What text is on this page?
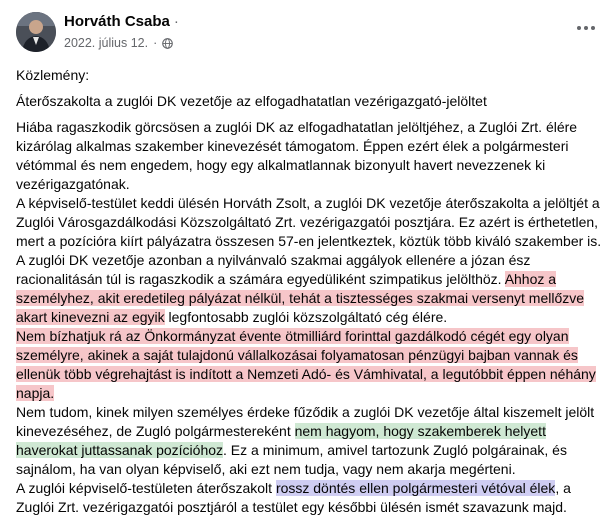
Horváth Csaba ·
2022. július 12. ·

Közlemény:

Áterőszakolta a zuglói DK vezetője az elfogadhatatlan vezérigazgató-jelöltet

Hiába ragaszkodik görcsösen a zuglói DK az elfogadhatatlan jelöltjéhez, a Zuglói Zrt. élére kizárólag alkalmas szakember kinevezését támogatom. Éppen ezért élek a polgármesteri vétómmal és nem engedem, hogy egy alkalmatlannak bizonyult havert nevezzenek ki vezérigazgatónak.

A képviselő-testület keddi ülésén Horváth Zsolt, a zuglói DK vezetője áterőszakolta a jelöltjét a Zuglói Városgazdálkodási Közszolgáltató Zrt. vezérigazgatói posztjára. Ez azért is érthetetlen, mert a pozícióra kiírt pályázatra összesen 57-en jelentkeztek, köztük több kiváló szakember is.

A zuglói DK vezetője azonban a nyilvánvaló szakmai aggályok ellenére a józan ész racionalitásán túl is ragaszkodik a számára egyedüliként szimpatikus jelölthöz. Ahhoz a személyhez, akit eredetileg pályázat nélkül, tehát a tisztességes szakmai versenyt mellőzve akart kinevezni az egyik legfontosabb zuglói közszolgáltató cég élére.

Nem bízhatjuk rá az Önkormányzat évente ötmilliárd forinttal gazdálkodó cégét egy olyan személyre, akinek a saját tulajdonú vállalkozásai folyamatosan pénzügyi bajban vannak és ellenük több végrehajtást is indított a Nemzeti Adó- és Vámhivatal, a legutóbbit éppen néhány napja.

Nem tudom, kinek milyen személyes érdeke fűződik a zuglói DK vezetője által kiszemelt jelölt kinevezéséhez, de Zugló polgármestereként nem hagyom, hogy szakemberek helyett haverokat juttassanak pozícióhoz. Ez a minimum, amivel tartozunk Zugló polgárainak, és sajnálom, ha van olyan képviselő, aki ezt nem tudja, vagy nem akarja megérteni.

A zuglói képviselő-testületen áterőszakolt rossz döntés ellen polgármesteri vétóval élek, a Zuglói Zrt. vezérigazgatói posztjáról a testület egy későbbi ülésén ismét szavazunk majd.
